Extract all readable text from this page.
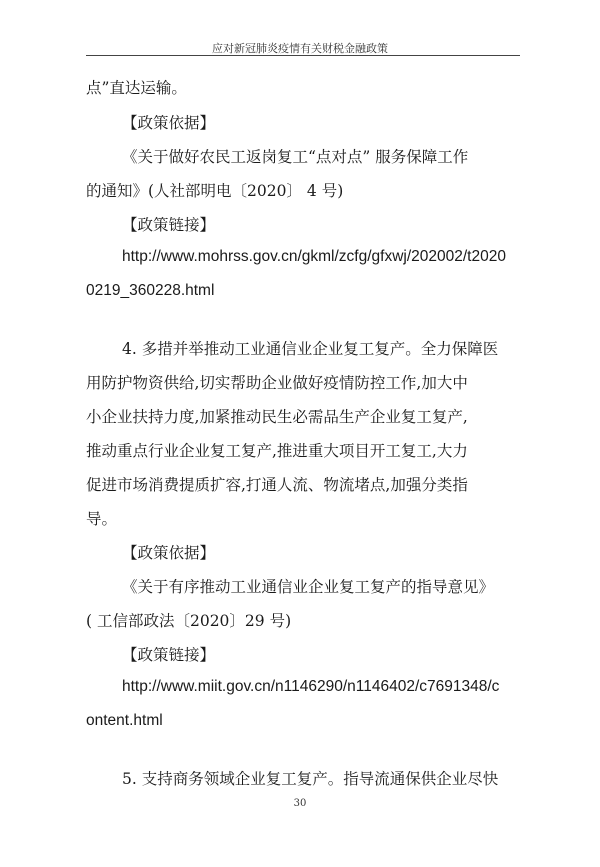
应对新冠肺炎疫情有关财税金融政策
点”直达运输。
【政策依据】
《关于做好农民工返岗复工“点对点” 服务保障工作
的通知》(人社部明电〔2020〕 4 号)
【政策链接】
http://www.mohrss.gov.cn/gkml/zcfg/gfxwj/202002/t2020
0219_360228.html
4. 多措并举推动工业通信业企业复工复产。全力保障医
用防护物资供给,切实帮助企业做好疫情防控工作,加大中
小企业扶持力度,加紧推动民生必需品生产企业复工复产,
推动重点行业企业复工复产,推进重大项目开工复工,大力
促进市场消费提质扩容,打通人流、物流堵点,加强分类指
导。
【政策依据】
《关于有序推动工业通信业企业复工复产的指导意见》
( 工信部政法〔2020〕29 号)
【政策链接】
http://www.miit.gov.cn/n1146290/n1146402/c7691348/c
ontent.html
5. 支持商务领域企业复工复产。指导流通保供企业尽快
30
